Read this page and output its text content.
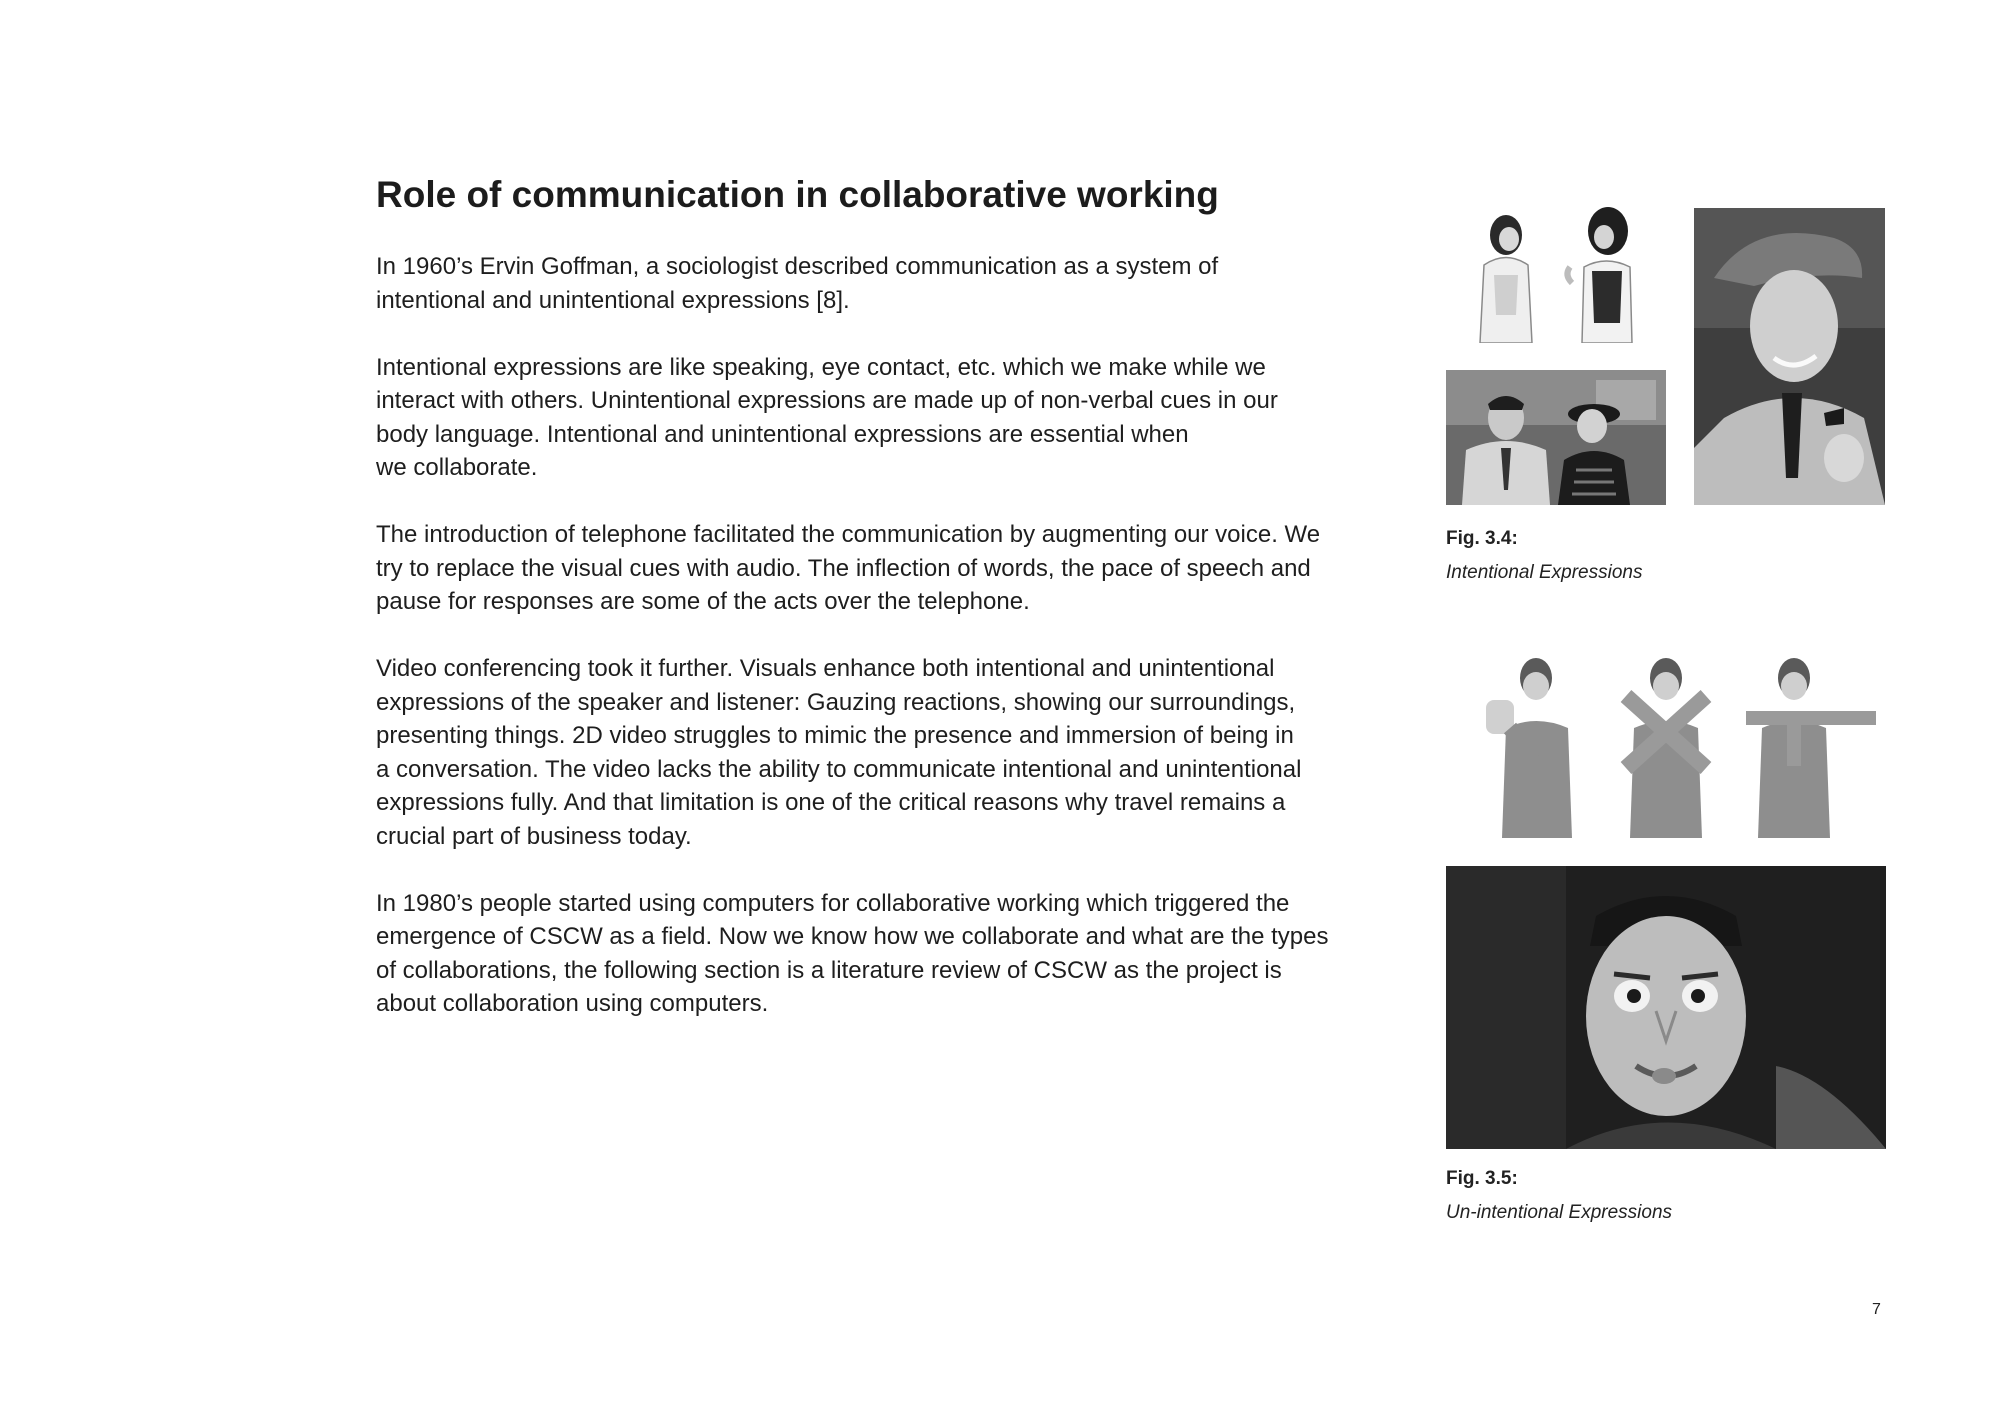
Role of communication in collaborative working

In 1960’s Ervin Goffman, a sociologist described communication as a system of
intentional and unintentional expressions [8].

Intentional expressions are like speaking, eye contact, etc. which we make while we
interact with others. Unintentional expressions are made up of non-verbal cues in our
body language. Intentional and unintentional expressions are essential when
we collaborate.

The introduction of telephone facilitated the communication by augmenting our voice. We
try to replace the visual cues with audio. The inflection of words, the pace of speech and
pause for responses are some of the acts over the telephone.

Video conferencing took it further. Visuals enhance both intentional and unintentional
expressions of the speaker and listener: Gauzing reactions, showing our surroundings,
presenting things. 2D video struggles to mimic the presence and immersion of being in
a conversation. The video lacks the ability to communicate intentional and unintentional
expressions fully. And that limitation is one of the critical reasons why travel remains a
crucial part of business today.

In 1980’s people started using computers for collaborative working which triggered the
emergence of CSCW as a field. Now we know how we collaborate and what are the types
of collaborations, the following section is a literature review of CSCW as the project is
about collaboration using computers.

Fig. 3.4:

Intentional Expressions

Fig. 3.5:

Un-intentional Expressions

7
